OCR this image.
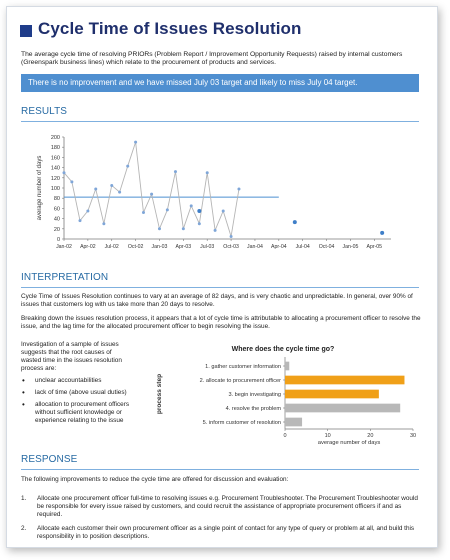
Cycle Time of Issues Resolution
The average cycle time of resolving PRIORs (Problem Report / Improvement Opportunity Requests) raised by internal customers (Greenspark business lines) which relate to the procurement of products and services.
There is no improvement and we have missed July 03 target and likely to miss July 04 target.
RESULTS
0
20
40
60
80
100
120
140
160
180
200
Jan-02 Apr-02 Jul-02 Oct-02 Jan-03 Apr-03 Jul-03 Oct-03 Jan-04 Apr-04 Jul-04 Oct-04 Jan-05 Apr-05
average number of days
INTERPRETATION
Cycle Time of Issues Resolution continues to vary at an average of 82 days, and is very chaotic and unpredictable. In general, over 90% of issues that customers log with us take more than 20 days to resolve.
Breaking down the issues resolution process, it appears that a lot of cycle time is attributable to allocating a procurement officer to resolve the issue, and the lag time for the allocated procurement officer to begin resolving the issue.
Investigation of a sample of issues suggests that the root causes of wasted time in the issues resolution process are:
• unclear accountabilities
• lack of time (above usual duties)
• allocation to procurement officers without sufficient knowledge or experience relating to the issue
Where does the cycle time go?
0	10	20	30
average number of days
process step
1. gather customer information
2. allocate to procurement officer
3. begin investigating
4. resolve the problem
5. inform customer of resolution
RESPONSE
The following improvements to reduce the cycle time are offered for discussion and evaluation:
1.	Allocate one procurement officer full-time to resolving issues e.g. Procurement Troubleshooter. The Procurement Troubleshooter would be responsible for every issue raised by customers, and could recruit the assistance of appropriate procurement officers if and as required.
2.	Allocate each customer their own procurement officer as a single point of contact for any type of query or problem at all, and build this responsibility in to position descriptions.
